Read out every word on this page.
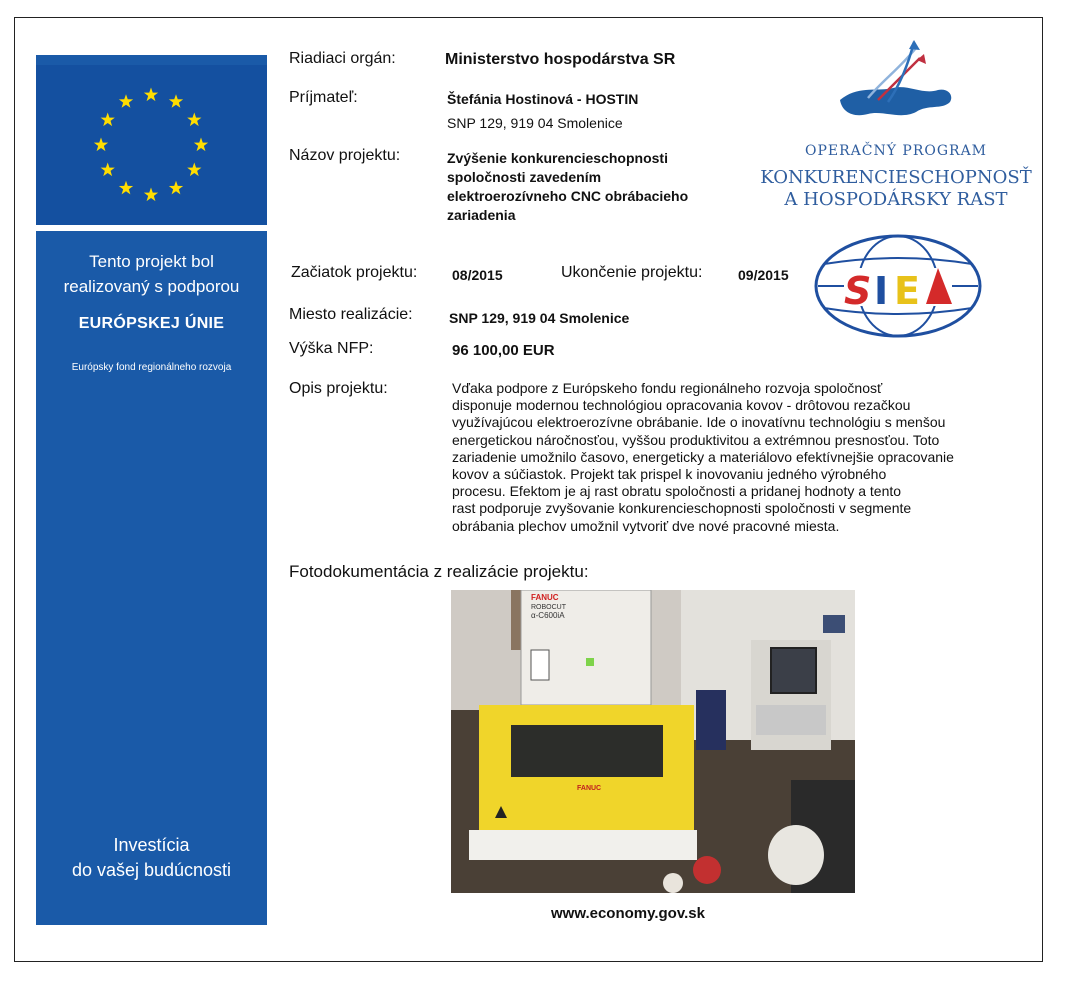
Tento projekt bol
realizovaný s podporou
EURÓPSKEJ ÚNIE
Európsky fond regionálneho rozvoja
Investícia
do vašej budúcnosti
Riadiaci orgán:	Ministerstvo hospodárstva SR
Príjmateľ:	Štefánia Hostinová - HOSTIN
SNP 129, 919 04 Smolenice
Názov projektu:	Zvýšenie konkurencieschopnosti
spoločnosti zavedením
elektroerozívneho CNC obrábacieho
zariadenia
Začiatok projektu: 08/2015	Ukončenie projektu:	09/2015
Miesto realizácie:	SNP 129, 919 04 Smolenice
Výška NFP:	96 100,00 EUR
Opis projektu:	Vďaka podpore z Európskeho fondu regionálneho rozvoja spoločnosť
disponuje modernou technológiou opracovania kovov - drôtovou rezačkou
využívajúcou elektroerozívne obrábanie. Ide o inovatívnu technológiu s menšou
energetickou náročnosťou, vyššou produktivitou a extrémnou presnosťou. Toto
zariadenie umožnilo časovo, energeticky a materiálovo efektívnejšie opracovanie
kovov a súčiastok. Projekt tak prispel k inovovaniu jedného výrobného
procesu. Efektom je aj rast obratu spoločnosti a pridanej hodnoty a tento
rast podporuje zvyšovanie konkurencieschopnosti spoločnosti v segmente
obrábania plechov umožnil vytvoriť dve nové pracovné miesta.
Fotodokumentácia z realizácie projektu:
OPERAČNÝ PROGRAM
KONKURENCIESCHOPNOSŤ
A HOSPODÁRSKY RAST
S I E
FANUC
ROBOCUT
α-C600iA
FANUC
www.economy.gov.sk
